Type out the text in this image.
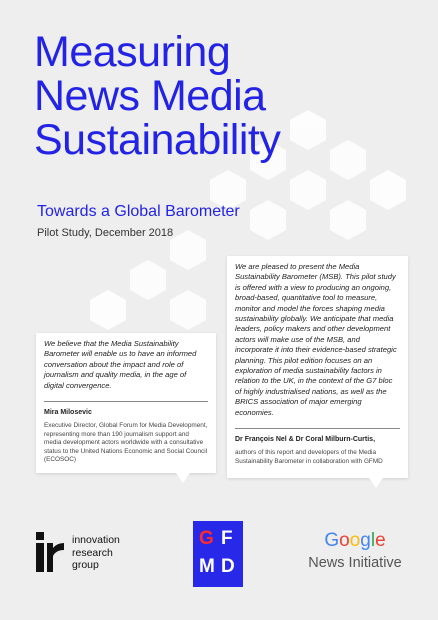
Measuring
News Media
Sustainability
Towards a Global Barometer
Pilot Study, December 2018
We believe that the Media Sustainability Barometer will enable us to have an informed conversation about the impact and role of journalism and quality media, in the age of digital convergence.
Mira Milosevic
Executive Director, Global Forum for Media Development, representing more than 190 journalism support and media development actors worldwide with a consultative status to the United Nations Economic and Social Council (ECOSOC)
We are pleased to present the Media Sustainability Barometer (MSB). This pilot study is offered with a view to producing an ongoing, broad-based, quantitative tool to measure, monitor and model the forces shaping media sustainability globally. We anticipate that media leaders, policy makers and other development actors will make use of the MSB, and incorporate it into their evidence-based strategic planning. This pilot edition focuses on an exploration of media sustainability factors in relation to the UK, in the context of the G7 bloc of highly industrialised nations, as well as the BRICS association of major emerging economies.
Dr François Nel & Dr Coral Milburn-Curtis,
authors of this report and developers of the Media Sustainability Barometer in collaboration with GFMD
innovation
research
group
G F
M D
Google
News Initiative
